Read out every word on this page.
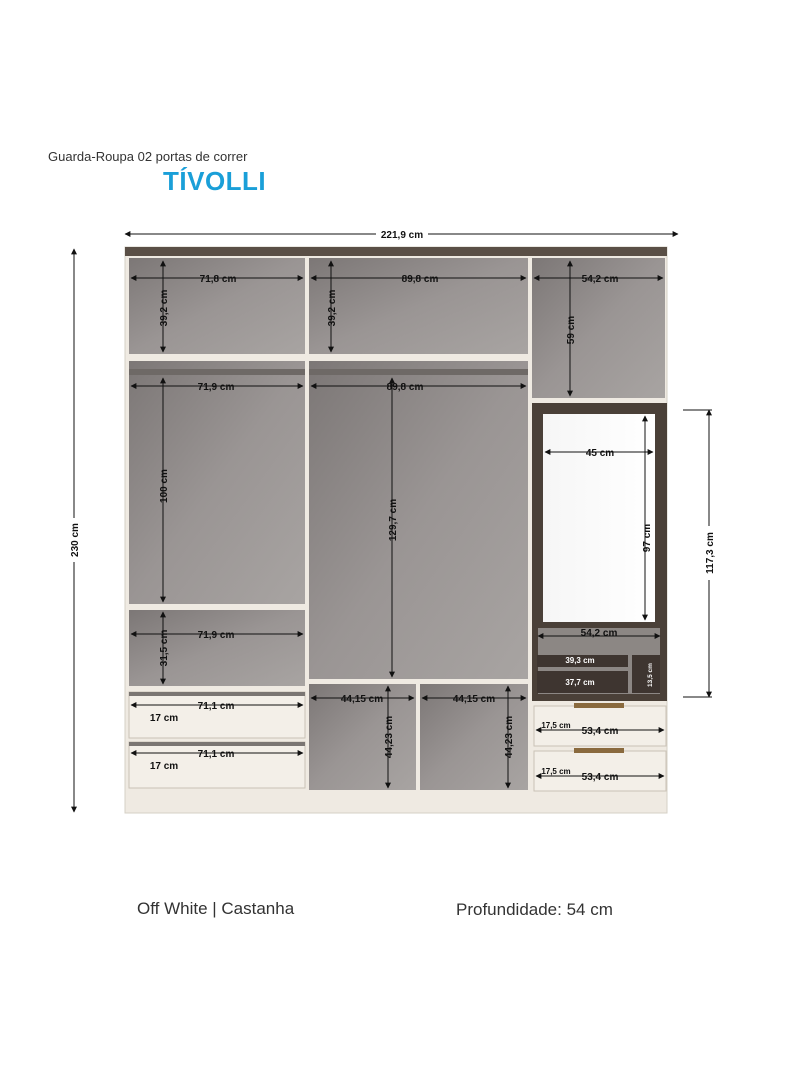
Guarda-Roupa 02 portas de correr
TÍVOLLI
221,9 cm
230 cm	117,3 cm
71,8 cm
39,2 cm
89,8 cm
39,2 cm
54,2 cm
59 cm
71,9 cm
100 cm
89,8 cm
129,7 cm
45 cm
97 cm
54,2 cm
39,3 cm
37,7 cm	13,5 cm
71,9 cm
31,5 cm
71,1 cm
17 cm
71,1 cm
17 cm
44,15 cm
44,23 cm
44,15 cm
44,23 cm	17,5 cm
53,4 cm
17,5 cm
53,4 cm
Off White | Castanha	Profundidade: 54 cm
